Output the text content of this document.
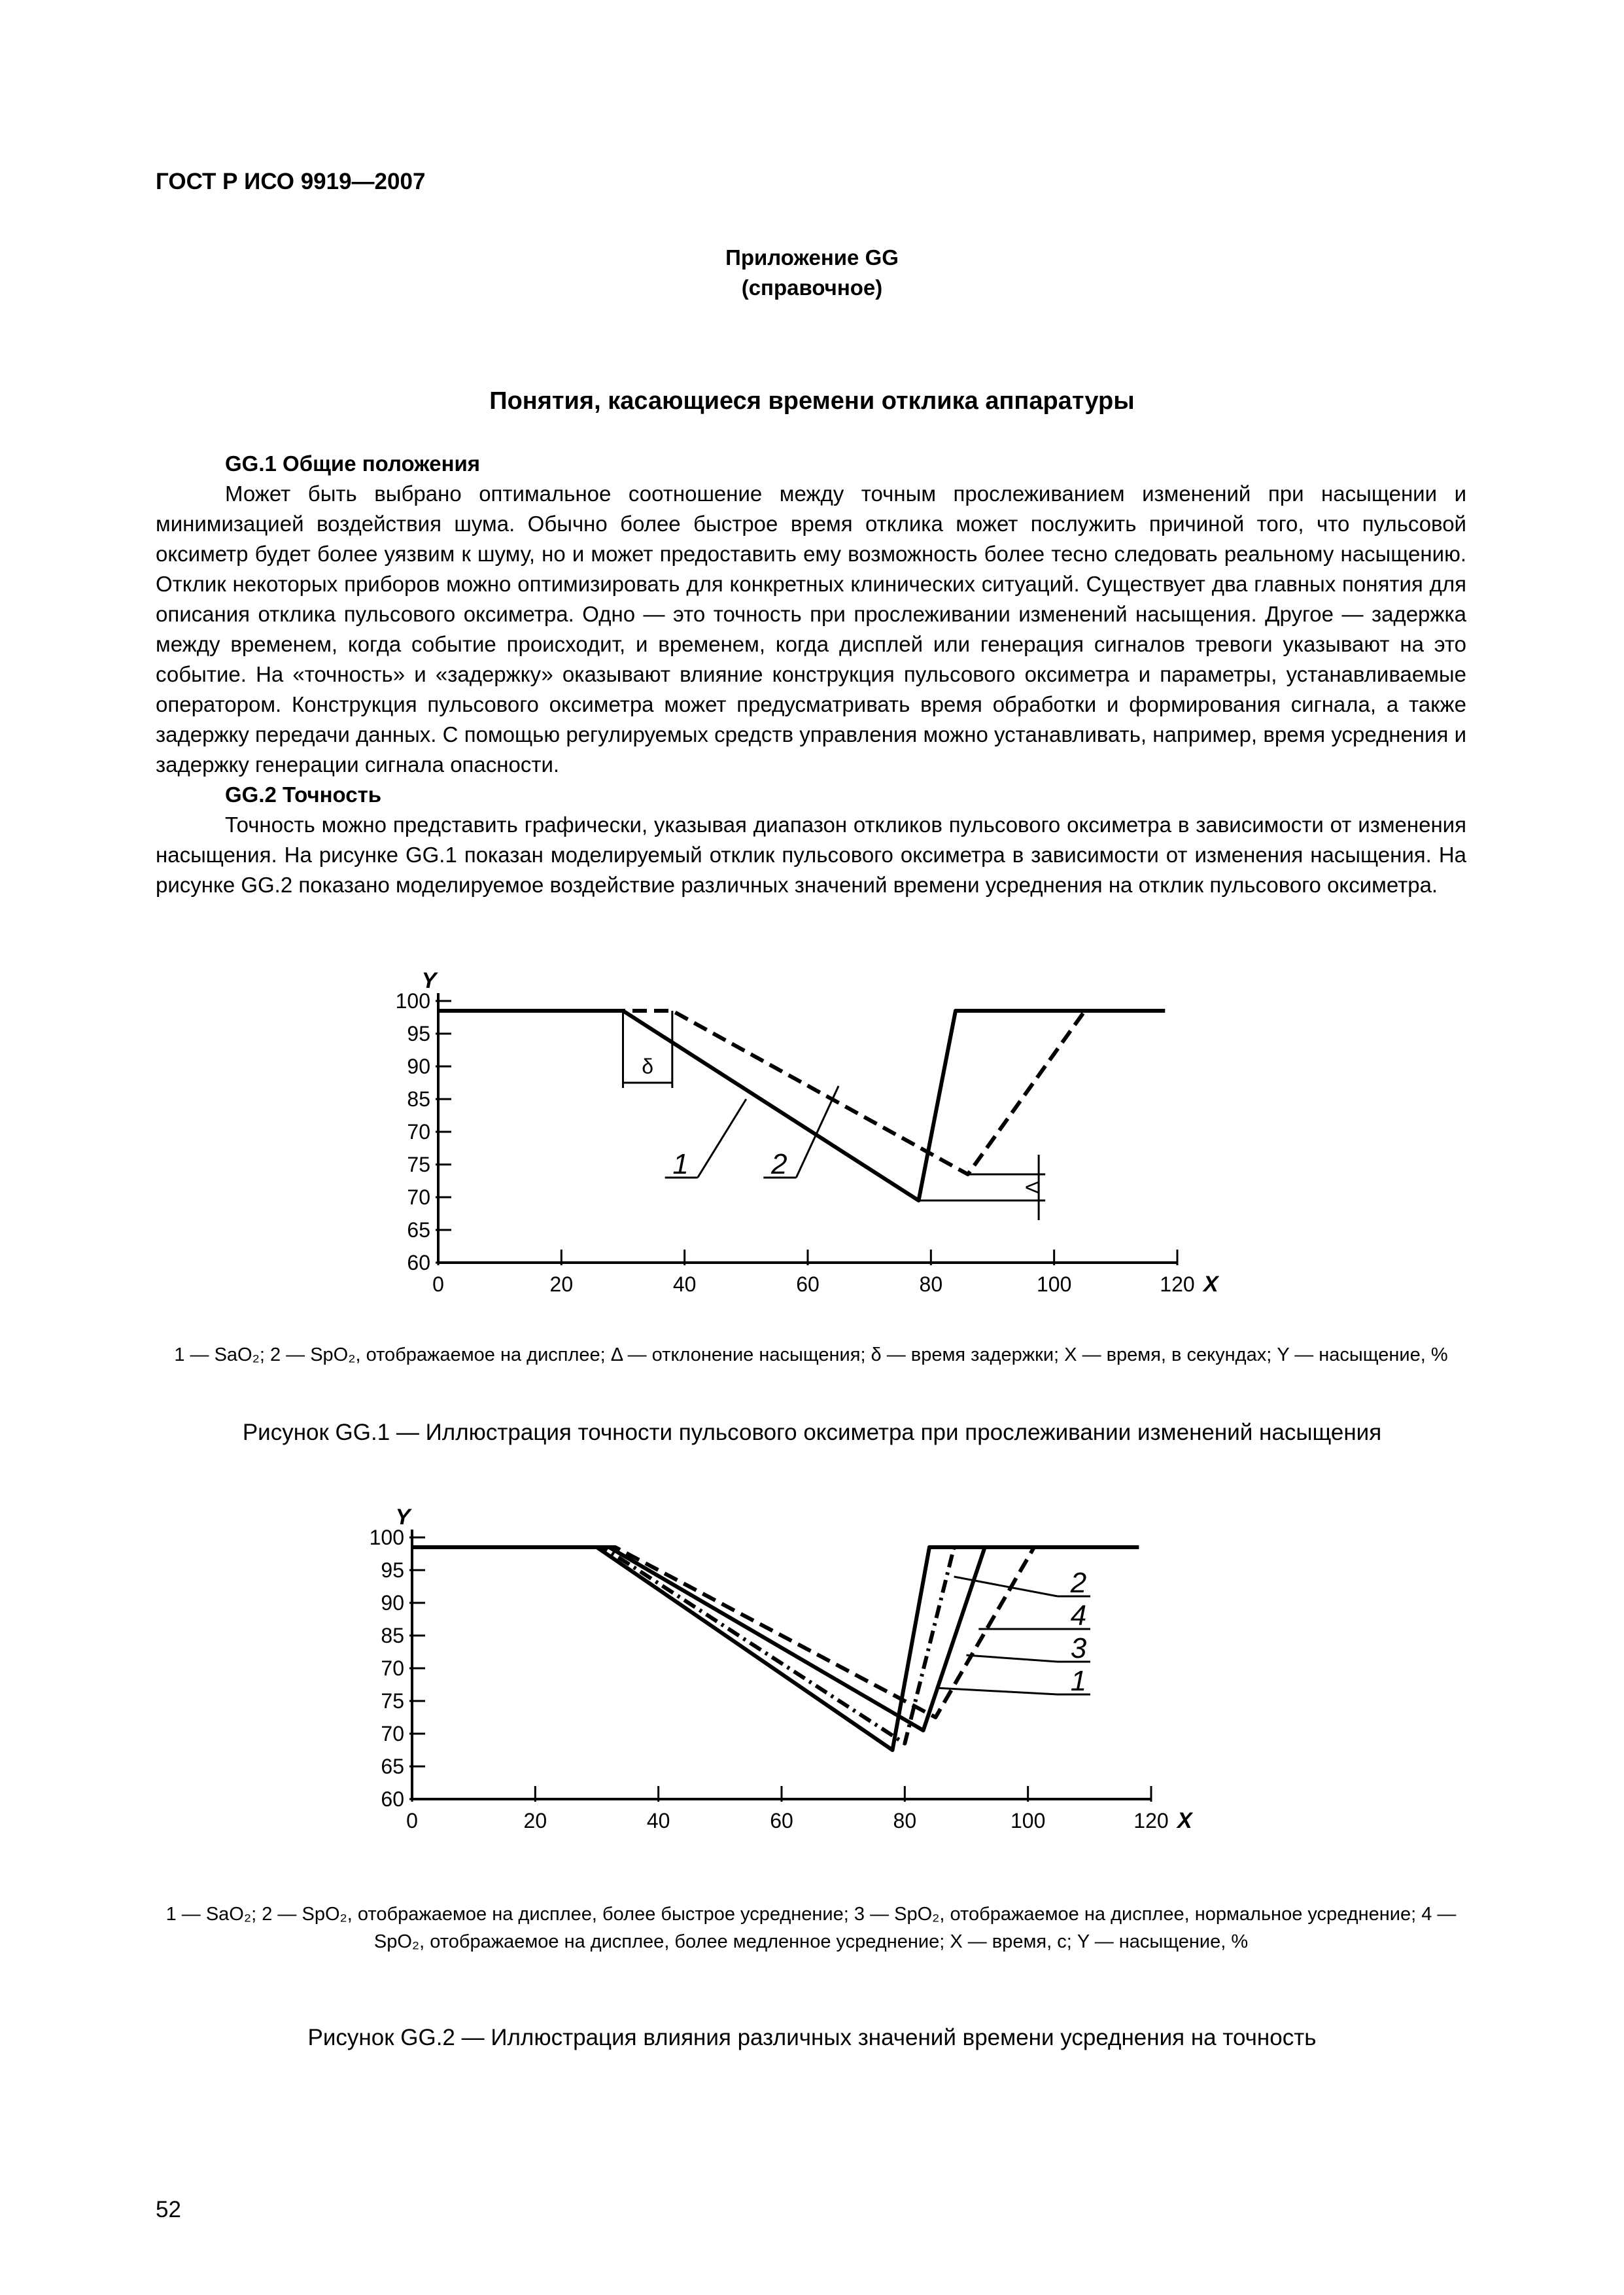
ГОСТ Р ИСО 9919—2007
Приложение GG
(справочное)
Понятия, касающиеся времени отклика аппаратуры

GG.1 Общие положения

Может быть выбрано оптимальное соотношение между точным прослеживанием изменений при насыщении и минимизацией воздействия шума. Обычно более быстрое время отклика может послужить причиной того, что пульсовой оксиметр будет более уязвим к шуму, но и может предоставить ему возможность более тесно следовать реальному насыщению. Отклик некоторых приборов можно оптимизировать для конкретных клинических ситуаций. Существует два главных понятия для описания отклика пульсового оксиметра. Одно — это точность при прослеживании изменений насыщения. Другое — задержка между временем, когда событие происходит, и временем, когда дисплей или генерация сигналов тревоги указывают на это событие. На «точность» и «задержку» оказывают влияние конструкция пульсового оксиметра и параметры, устанавливаемые оператором. Конструкция пульсового оксиметра может предусматривать время обработки и формирования сигнала, а также задержку передачи данных. С помощью регулируемых средств управления можно устанавливать, например, время усреднения и задержку генерации сигнала опасности.

GG.2 Точность

Точность можно представить графически, указывая диапазон откликов пульсового оксиметра в зависимости от изменения насыщения. На рисунке GG.1 показан моделируемый отклик пульсового оксиметра в зависимости от изменения насыщения. На рисунке GG.2 показано моделируемое воздействие различных значений времени усреднения на отклик пульсового оксиметра.

100
95
90
85
70
75
70
65
60
0	20	40	60	80	100	120
Y
X
δ
Δ
1	2
1 — SaO₂; 2 — SpO₂, отображаемое на дисплее; Δ — отклонение насыщения; δ — время задержки; X — время, в секундах; Y — насыщение, %
Рисунок GG.1 — Иллюстрация точности пульсового оксиметра при прослеживании изменений насыщения
100
95
90
85
70
75
70
65
60
0	20	40	60	80	100	120
Y
X
2
4
3
1
1 — SaO₂; 2 — SpO₂, отображаемое на дисплее, более быстрое усреднение; 3 — SpO₂, отображаемое на дисплее, нормальное усреднение; 4 — SpO₂, отображаемое на дисплее, более медленное усреднение; X — время, с; Y — насыщение, %
Рисунок GG.2 — Иллюстрация влияния различных значений времени усреднения на точность
52
